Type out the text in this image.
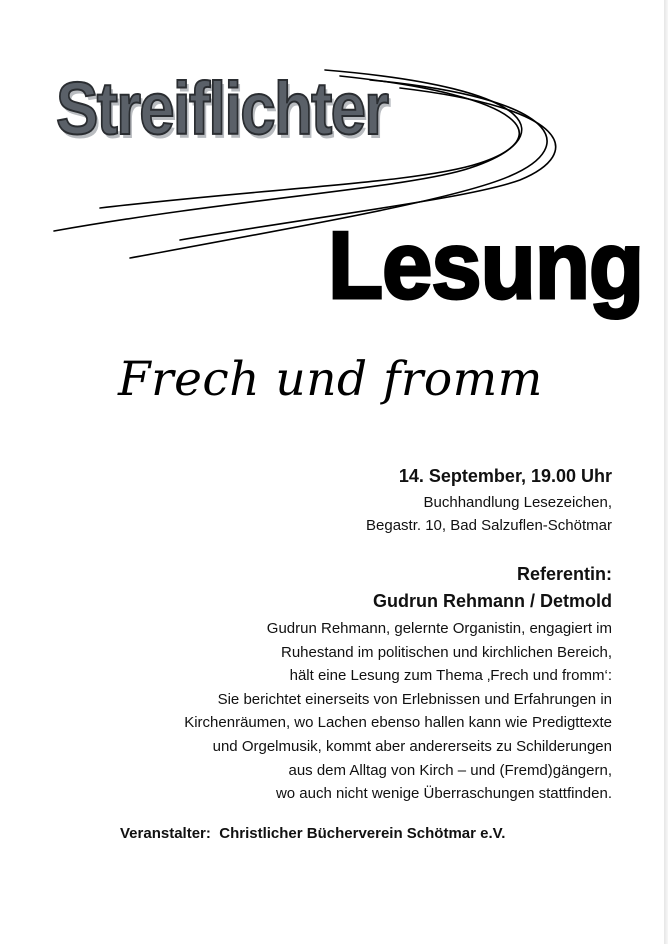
Streiflichter
Lesung
Frech und fromm
14. September, 19.00 Uhr
Buchhandlung Lesezeichen,
Begastr. 10, Bad Salzuflen-Schötmar
Referentin:
Gudrun Rehmann / Detmold
Gudrun Rehmann, gelernte Organistin, engagiert im
Ruhestand im politischen und kirchlichen Bereich,
hält eine Lesung zum Thema ‚Frech und fromm‘:
Sie berichtet einerseits von Erlebnissen und Erfahrungen in
Kirchenräumen, wo Lachen ebenso hallen kann wie Predigttexte
und Orgelmusik, kommt aber andererseits zu Schilderungen
aus dem Alltag von Kirch – und (Fremd)gängern,
wo auch nicht wenige Überraschungen stattfinden.
Veranstalter: Christlicher Bücherverein Schötmar e.V.
